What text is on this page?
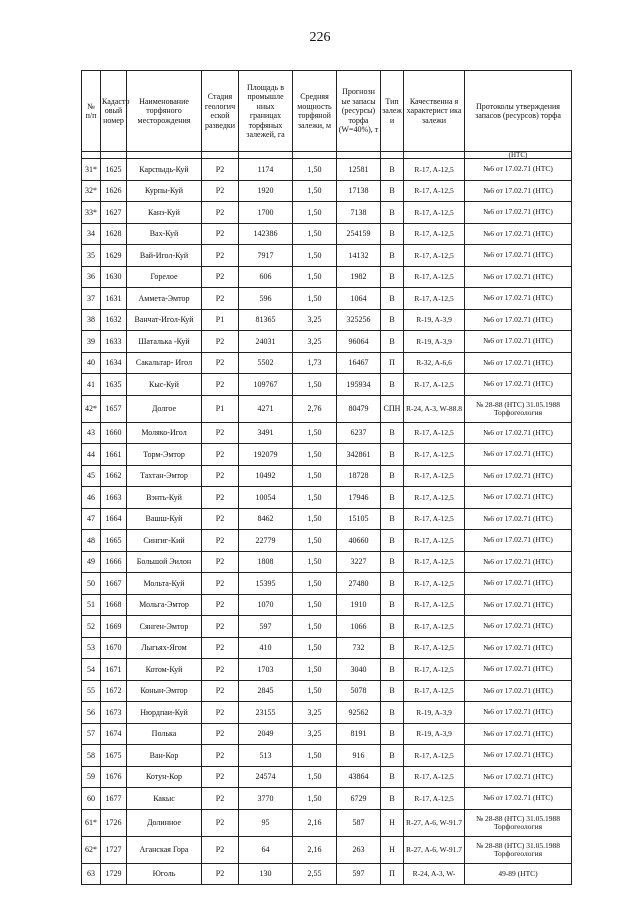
226
№ п/п	Кадастр овый номер	Наименование торфяного месторождения	Стадия геологич еской разведки	Площадь в промышле нных границах торфяных залежей, га	Средняя мощность торфяной залежи, м	Прогнозн ые запасы (ресурсы) торфа (W=40%), т	Тип залеж и	Качественна я характерист ика залежи	Протоколы утверждения запасов (ресурсов) торфа
									(НТС)
31*	1625	Карспыдь-Куй	Р2	1174	1,50	12581	В	R-17, A-12,5	№6 от 17.02.71 (НТС)
32*	1626	Курпы-Куй	Р2	1920	1,50	17138	В	R-17, A-12,5	№6 от 17.02.71 (НТС)
33*	1627	Канз-Куй	Р2	1700	1,50	7138	В	R-17, A-12,5	№6 от 17.02.71 (НТС)
34	1628	Вах-Куй	Р2	142386	1,50	254159	В	R-17, A-12,5	№6 от 17.02.71 (НТС)
35	1629	Вай-Игол-Куй	Р2	7917	1,50	14132	В	R-17, A-12,5	№6 от 17.02.71 (НТС)
36	1630	Горелое	Р2	606	1,50	1982	В	R-17, A-12,5	№6 от 17.02.71 (НТС)
37	1631	Аммета-Эмтор	Р2	596	1,50	1064	В	R-17, A-12,5	№6 от 17.02.71 (НТС)
38	1632	Ванчат-Игол-Куй	Р1	81365	3,25	325256	В	R-19, A-3,9	№6 от 17.02.71 (НТС)
39	1633	Шаталька -Куй	Р2	24031	3,25	96064	В	R-19, A-3,9	№6 от 17.02.71 (НТС)
40	1634	Сакальтар- Игол	Р2	5502	1,73	16467	П	R-32, A-6,6	№6 от 17.02.71 (НТС)
41	1635	Кыс-Куй	Р2	109767	1,50	195934	В	R-17, A-12,5	№6 от 17.02.71 (НТС)
42*	1657	Долгое	Р1	4271	2,76	80479	СПН	R-24, A-3, W-88.8	№ 28-88 (НТС) 31.05.1988 Торфогеология
43	1660	Моляко-Игол	Р2	3491	1,50	6237	В	R-17, A-12,5	№6 от 17.02.71 (НТС)
44	1661	Торм-Эмтор	Р2	192079	1,50	342861	В	R-17, A-12,5	№6 от 17.02.71 (НТС)
45	1662	Тахтан-Эмтор	Р2	10492	1,50	18728	В	R-17, A-12,5	№6 от 17.02.71 (НТС)
46	1663	Вэнть-Куй	Р2	10054	1,50	17946	В	R-17, A-12,5	№6 от 17.02.71 (НТС)
47	1664	Вашш-Куй	Р2	8462	1,50	15105	В	R-17, A-12,5	№6 от 17.02.71 (НТС)
48	1665	Сингиг-Кий	Р2	22779	1,50	40660	В	R-17, A-12,5	№6 от 17.02.71 (НТС)
49	1666	Большой Эилон	Р2	1808	1,50	3227	В	R-17, A-12,5	№6 от 17.02.71 (НТС)
50	1667	Мольта-Куй	Р2	15395	1,50	27480	В	R-17, A-12,5	№6 от 17.02.71 (НТС)
51	1668	Мольга-Эмтор	Р2	1070	1,50	1910	В	R-17, A-12,5	№6 от 17.02.71 (НТС)
52	1669	Сянген-Эмтор	Р2	597	1,50	1066	В	R-17, A-12,5	№6 от 17.02.71 (НТС)
53	1670	Лыгьях-Ягом	Р2	410	1,50	732	В	R-17, A-12,5	№6 от 17.02.71 (НТС)
54	1671	Котом-Куй	Р2	1703	1,50	3040	В	R-17, A-12,5	№6 от 17.02.71 (НТС)
55	1672	Конын-Эмтор	Р2	2845	1,50	5078	В	R-17, A-12,5	№6 от 17.02.71 (НТС)
56	1673	Нюрдпаи-Куй	Р2	23155	3,25	92562	В	R-19, A-3,9	№6 от 17.02.71 (НТС)
57	1674	Полька	Р2	2049	3,25	8191	В	R-19, A-3,9	№6 от 17.02.71 (НТС)
58	1675	Ван-Кор	Р2	513	1,50	916	В	R-17, A-12,5	№6 от 17.02.71 (НТС)
59	1676	Котун-Кор	Р2	24574	1,50	43864	В	R-17, A-12,5	№6 от 17.02.71 (НТС)
60	1677	Какыс	Р2	3770	1,50	6729	В	R-17, A-12,5	№6 от 17.02.71 (НТС)
61*	1726	Долинное	Р2	95	2,16	587	Н	R-27, A-6, W-91.7	№ 28-88 (НТС) 31.05.1988 Торфогеология
62*	1727	Аганская Гора	Р2	64	2,16	263	Н	R-27, A-6, W-91.7	№ 28-88 (НТС) 31.05.1988 Торфогеология
63	1729	Юголь	Р2	130	2,55	597	П	R-24, A-3, W-	49-89 (НТС)
